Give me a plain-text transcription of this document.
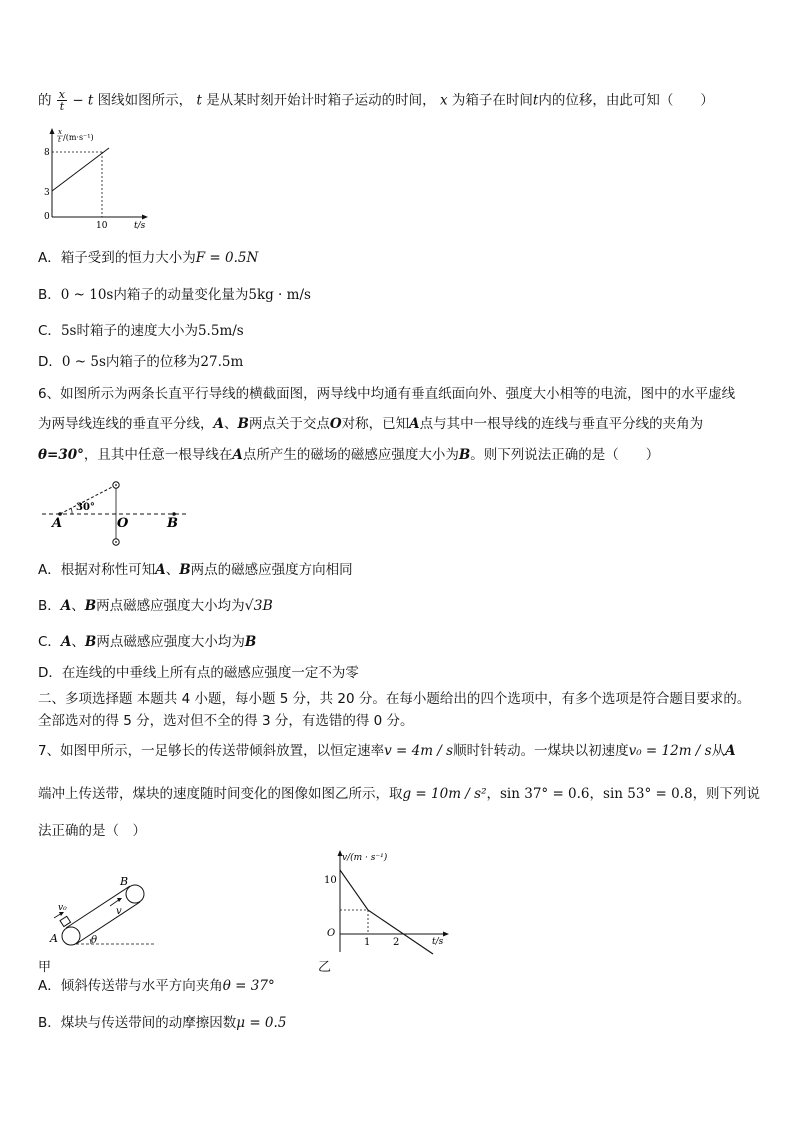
的 $\frac{x}{t} - t$ 图线如图所示， t 是从某时刻开始计时箱子运动的时间， x 为箱子在时间t内的位移，由此可知（　　）
x
t /(m·s⁻¹)
8
3
0
10	t/s
A．箱子受到的恒力大小为F = 0.5N
B．0 ~ 10s内箱子的动量变化量为5kg · m/s
C．5s时箱子的速度大小为5.5m/s
D．0 ~ 5s内箱子的位移为27.5m
6、如图所示为两条长直平行导线的横截面图，两导线中均通有垂直纸面向外、强度大小相等的电流，图中的水平虚线
为两导线连线的垂直平分线，A、B两点关于交点O对称，已知A点与其中一根导线的连线与垂直平分线的夹角为
θ=30°，且其中任意一根导线在A点所产生的磁场的磁感应强度大小为B。则下列说法正确的是（　　）
30°
A	O	B
A．根据对称性可知A、B两点的磁感应强度方向相同
B．A、B两点磁感应强度大小均为√3B
C．A、B两点磁感应强度大小均为B
D．在连线的中垂线上所有点的磁感应强度一定不为零
二、多项选择题 本题共 4 小题，每小题 5 分，共 20 分。在每小题给出的四个选项中，有多个选项是符合题目要求的。
全部选对的得 5 分，选对但不全的得 3 分，有选错的得 0 分。
7、如图甲所示，一足够长的传送带倾斜放置，以恒定速率v = 4m / s顺时针转动。一煤块以初速度v₀ = 12m / s从A
端冲上传送带，煤块的速度随时间变化的图像如图乙所示，取g = 10m / s²，sin 37° = 0.6，sin 53° = 0.8，则下列说
法正确的是（　）
v₀	v
A
B
θ
甲
v/(m · s⁻¹)
10
O
1 2	t/s
乙
A．倾斜传送带与水平方向夹角θ = 37°
B．煤块与传送带间的动摩擦因数μ = 0.5
